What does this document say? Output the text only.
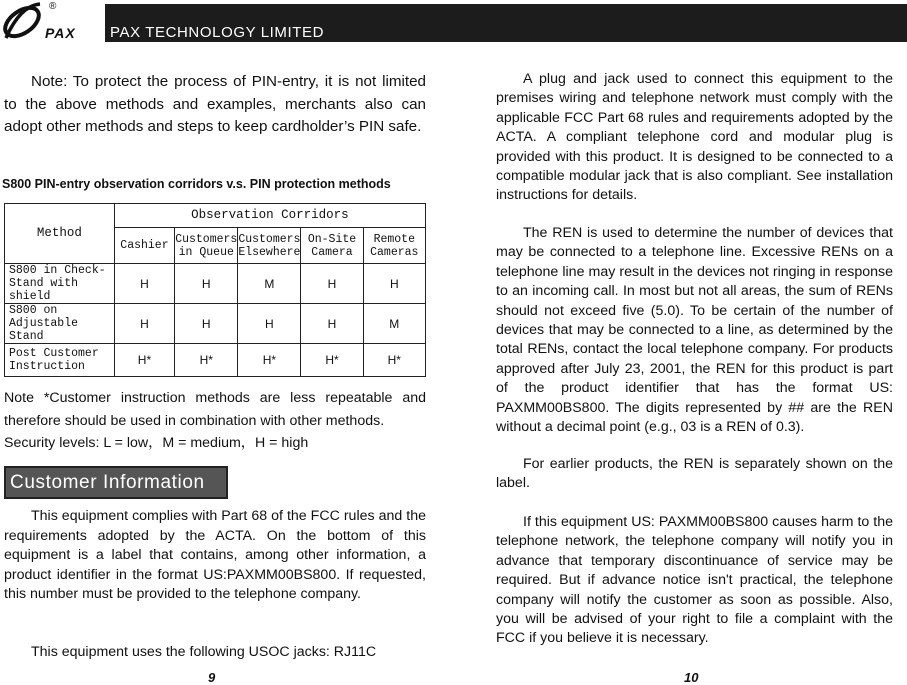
®
PAX PAX TECHNOLOGY LIMITED

Note: To protect the process of PIN-entry, it is not limited to the above methods and examples, merchants also can adopt other methods and steps to keep cardholder’s PIN safe.

S800 PIN-entry observation corridors v.s. PIN protection methods
Method	Observation Corridors				
	Cashier	Customers in Queue	Customers Elsewhere	On-Site Camera	Remote Cameras
S800 in Check-Stand with shield	H	H	M	H	H
S800 on Adjustable Stand	H	H	H	H	M
Post Customer Instruction	H*	H*	H*	H*	H*

Note *Customer instruction methods are less repeatable and therefore should be used in combination with other methods.

Security levels: L = low，M = medium，H = high

Customer Information

This equipment complies with Part 68 of the FCC rules and the requirements adopted by the ACTA. On the bottom of this equipment is a label that contains, among other information, a product identifier in the format US:PAXMM00BS800. If requested, this number must be provided to the telephone company.

This equipment uses the following USOC jacks: RJ11C

9

A plug and jack used to connect this equipment to the premises wiring and telephone network must comply with the applicable FCC Part 68 rules and requirements adopted by the ACTA. A compliant telephone cord and modular plug is provided with this product. It is designed to be connected to a compatible modular jack that is also compliant. See installation instructions for details.

The REN is used to determine the number of devices that may be connected to a telephone line. Excessive RENs on a telephone line may result in the devices not ringing in response to an incoming call. In most but not all areas, the sum of RENs should not exceed five (5.0). To be certain of the number of devices that may be connected to a line, as determined by the total RENs, contact the local telephone company. For products approved after July 23, 2001, the REN for this product is part of the product identifier that has the format US: PAXMM00BS800. The digits represented by ## are the REN without a decimal point (e.g., 03 is a REN of 0.3).

For earlier products, the REN is separately shown on the label.

If this equipment US: PAXMM00BS800 causes harm to the telephone network, the telephone company will notify you in advance that temporary discontinuance of service may be required. But if advance notice isn't practical, the telephone company will notify the customer as soon as possible. Also, you will be advised of your right to file a complaint with the FCC if you believe it is necessary.

10
